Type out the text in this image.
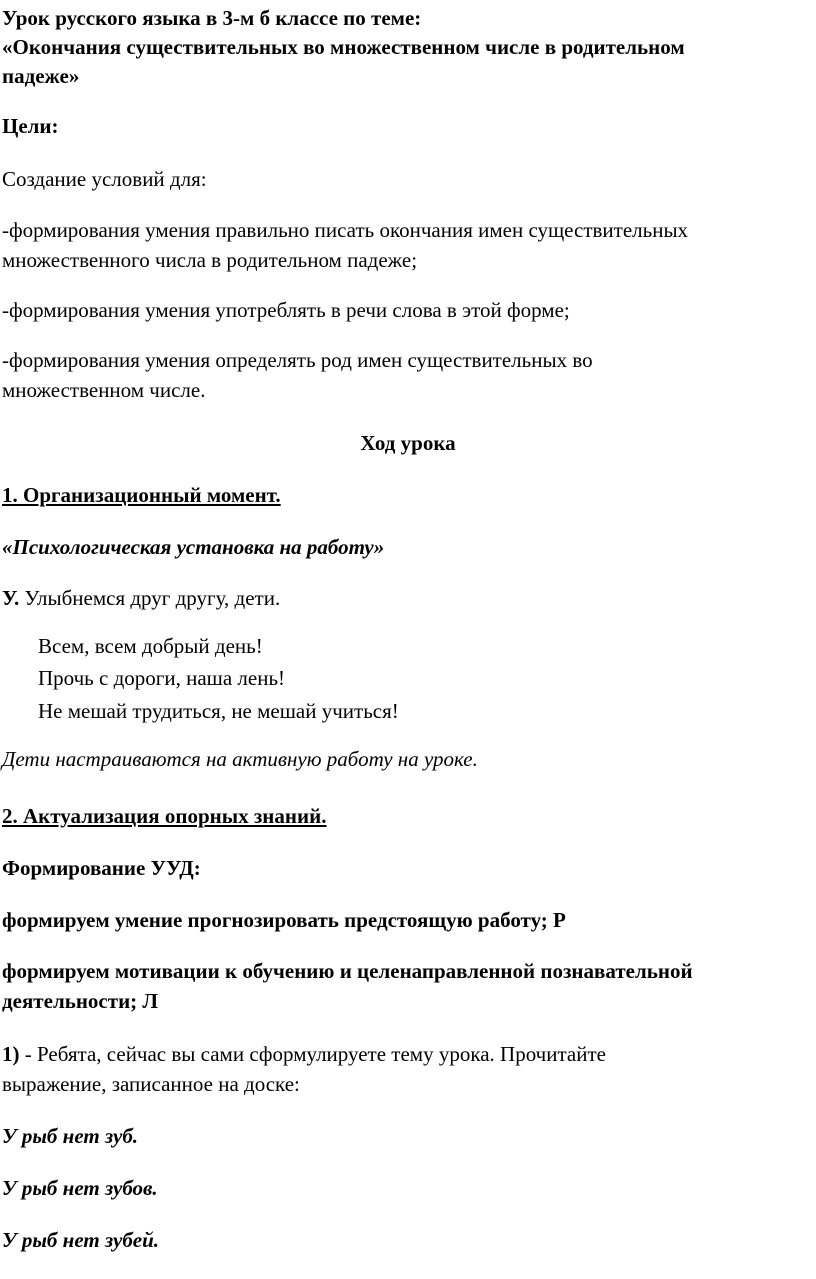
Урок русского языка в 3-м б классе по теме:

«Окончания существительных во множественном числе в родительном

падеже»

Цели:

Создание условий для:

-формирования умения правильно писать окончания имен существительных

множественного числа в родительном падеже;

-формирования умения употреблять в речи слова в этой форме;

-формирования умения определять род имен существительных во

множественном числе.

Ход урока

1. Организационный момент.

«Психологическая установка на работу»

У. Улыбнемся друг другу, дети.

Всем, всем добрый день!

Прочь с дороги, наша лень!

Не мешай трудиться, не мешай учиться!

Дети настраиваются на активную работу на уроке.

2. Актуализация опорных знаний.

Формирование УУД:

формируем умение прогнозировать предстоящую работу; Р

формируем мотивации к обучению и целенаправленной познавательной

деятельности; Л

1) - Ребята, сейчас вы сами сформулируете тему урока. Прочитайте

выражение, записанное на доске:

У рыб нет зуб.

У рыб нет зубов.

У рыб нет зубей.
